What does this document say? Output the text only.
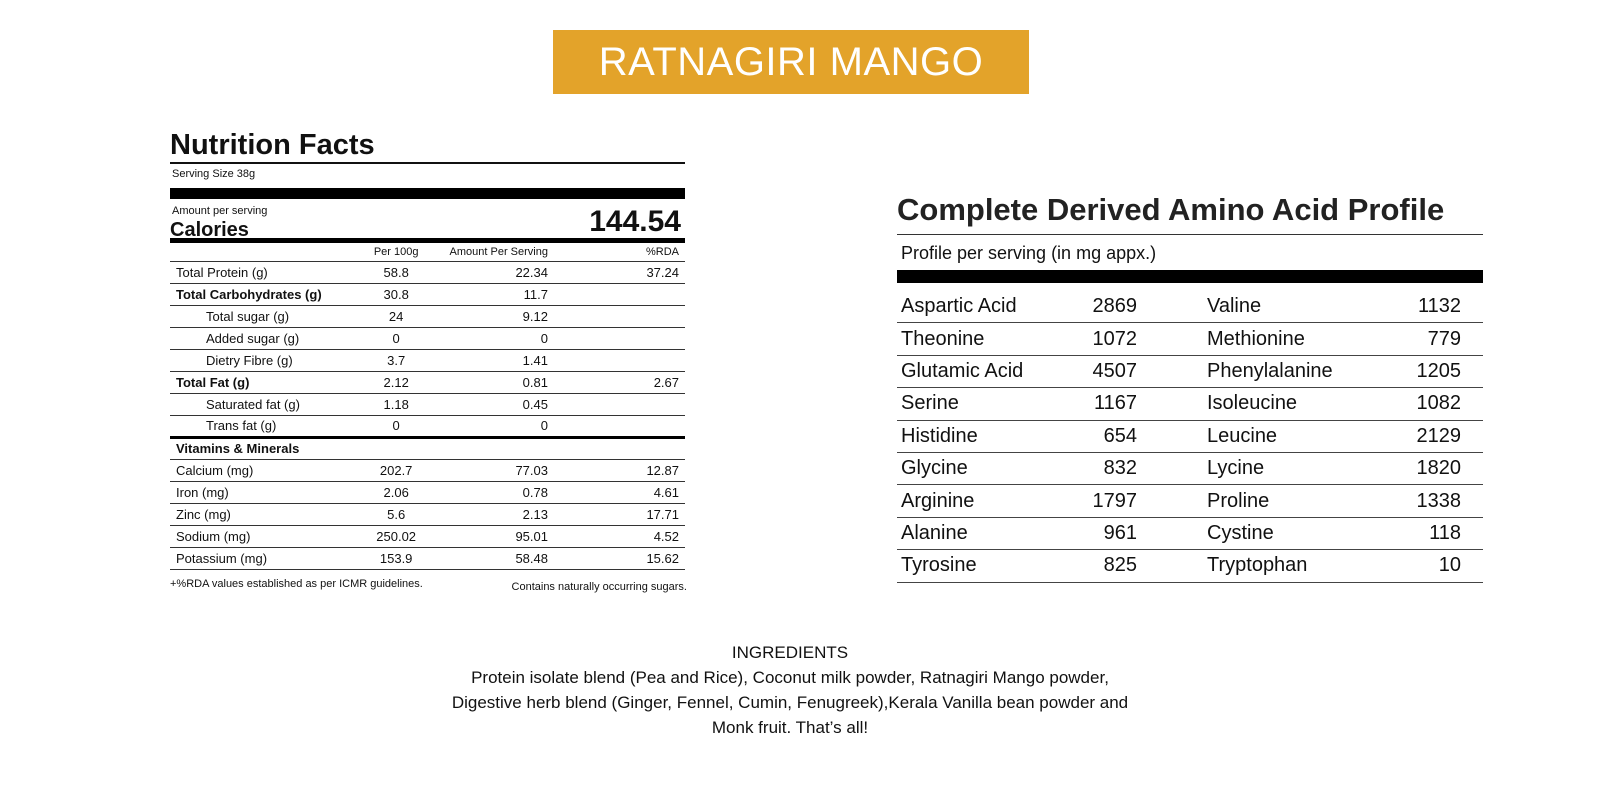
RATNAGIRI MANGO
Nutrition Facts
Serving Size 38g
Amount per serving
Calories	144.54
	Per 100g	Amount Per Serving	%RDA
Total Protein (g)	58.8	22.34	37.24
Total Carbohydrates (g)	30.8	11.7	
Total sugar (g)	24	9.12	
Added sugar (g)	0	0	
Dietry Fibre (g)	3.7	1.41	
Total Fat (g)	2.12	0.81	2.67
Saturated fat (g)	1.18	0.45	
Trans fat (g)	0	0	
Vitamins & Minerals			
Calcium (mg)	202.7	77.03	12.87
Iron (mg)	2.06	0.78	4.61
Zinc (mg)	5.6	2.13	17.71
Sodium (mg)	250.02	95.01	4.52
Potassium (mg)	153.9	58.48	15.62
+%RDA values established as per ICMR guidelines.	Contains naturally occurring sugars.
Complete Derived Amino Acid Profile
Profile per serving (in mg appx.)
Aspartic Acid	2869	Valine	1132
Theonine	1072	Methionine	779
Glutamic Acid	4507	Phenylalanine	1205
Serine	1167	Isoleucine	1082
Histidine	654	Leucine	2129
Glycine	832	Lycine	1820
Arginine	1797	Proline	1338
Alanine	961	Cystine	118
Tyrosine	825	Tryptophan	10
INGREDIENTS
Protein isolate blend (Pea and Rice), Coconut milk powder, Ratnagiri Mango powder, Digestive herb blend (Ginger, Fennel, Cumin, Fenugreek),Kerala Vanilla bean powder and Monk fruit. That’s all!
